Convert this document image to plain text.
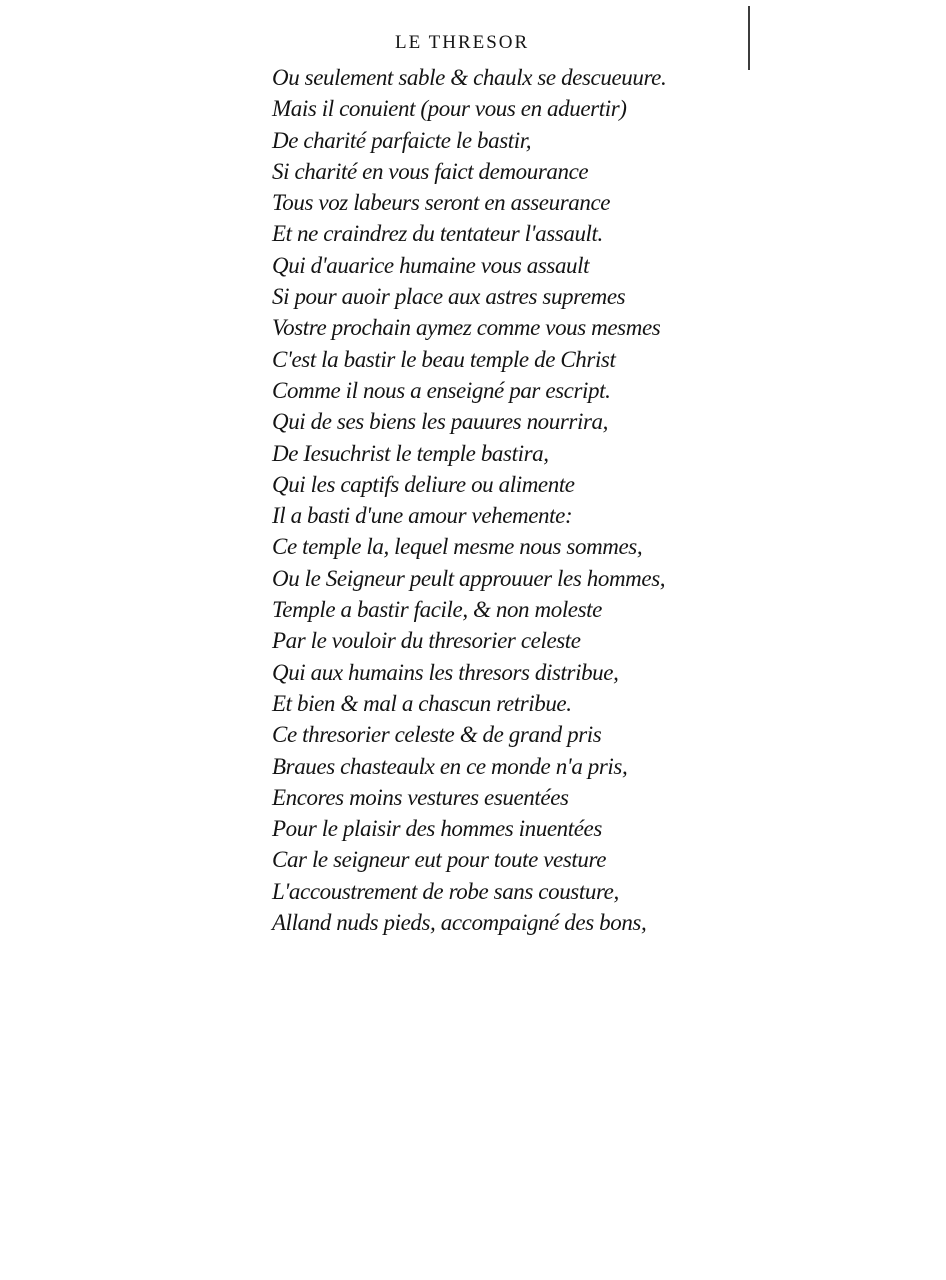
LE THRESOR
Ou seulement sable & chaulx se descueuure.
Mais il conuient (pour vous en aduertir)
De charité parfaicte le bastir,
Si charité en vous faict demourance
Tous voz labeurs seront en asseurance
Et ne craindrez du tentateur l'assault.
Qui d'auarice humaine vous assault
Si pour auoir place aux astres supremes
Vostre prochain aymez comme vous mesmes
C'est la bastir le beau temple de Christ
Comme il nous a enseigné par escript.
Qui de ses biens les pauures nourrira,
De Iesuchrist le temple bastira,
Qui les captifs deliure ou alimente
Il a basti d'une amour vehemente:
Ce temple la, lequel mesme nous sommes,
Ou le Seigneur peult approuuer les hommes,
Temple a bastir facile, & non moleste
Par le vouloir du thresorier celeste
Qui aux humains les thresors distribue,
Et bien & mal a chascun retribue.
Ce thresorier celeste & de grand pris
Braues chasteaulx en ce monde n'a pris,
Encores moins vestures esuentées
Pour le plaisir des hommes inuentées
Car le seigneur eut pour toute vesture
L'accoustrement de robe sans cousture,
Alland nuds pieds, accompaigné des bons,
